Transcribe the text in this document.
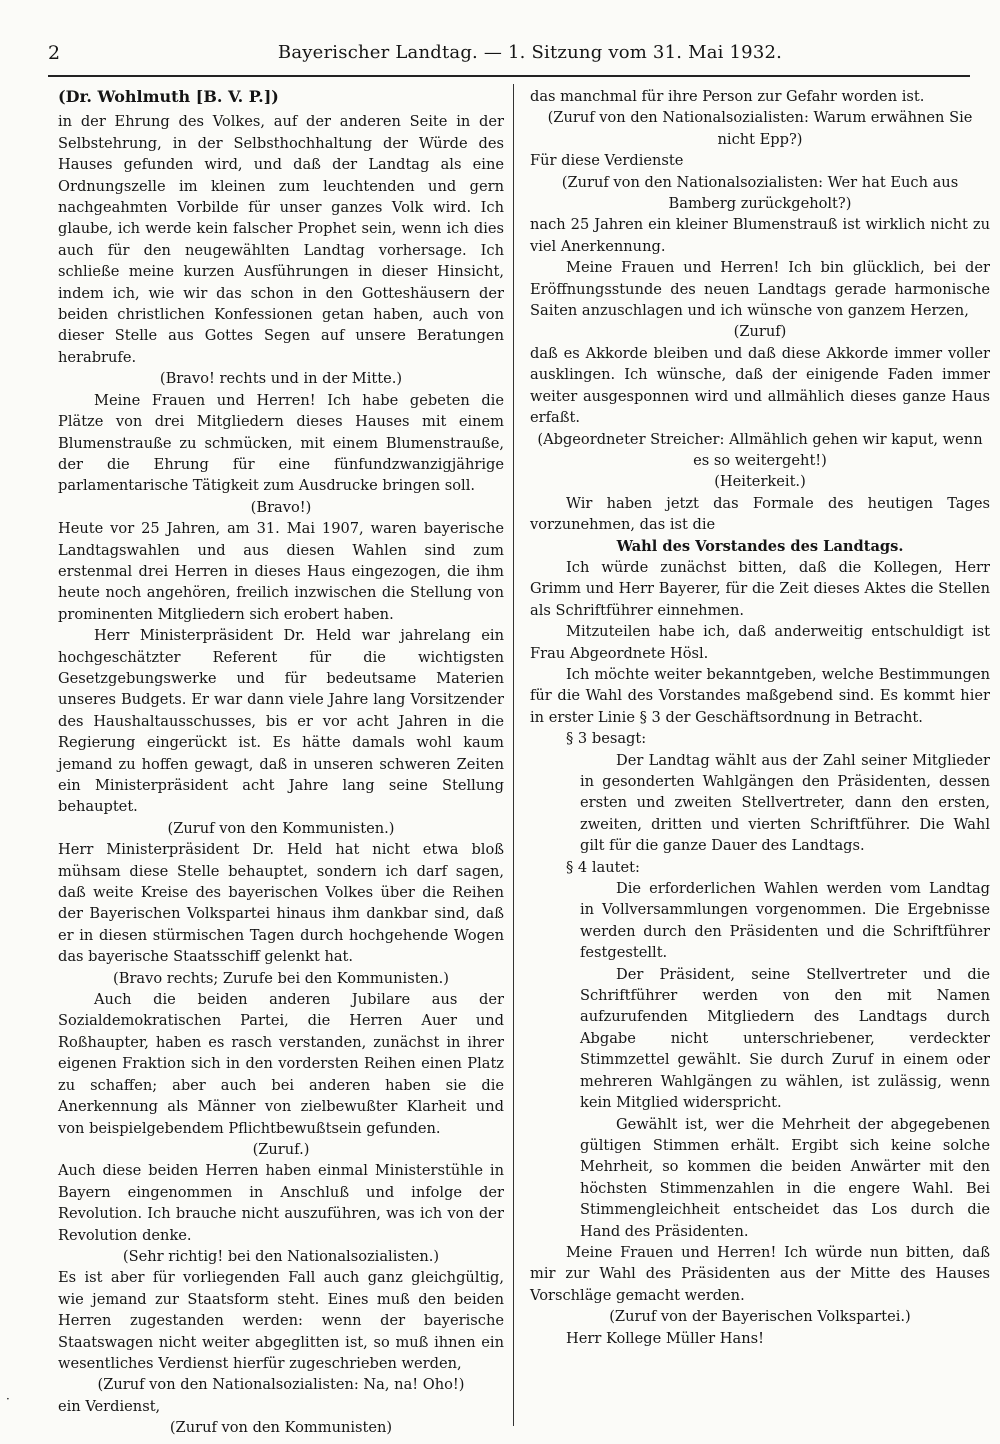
2	Bayerischer Landtag. — 1. Sitzung vom 31. Mai 1932.
·

(Dr. Wohlmuth [B. V. P.])

in der Ehrung des Volkes, auf der anderen Seite in der Selbstehrung, in der Selbsthochhaltung der Würde des Hauses gefunden wird, und daß der Landtag als eine Ordnungszelle im kleinen zum leuchtenden und gern nachgeahmten Vorbilde für unser ganzes Volk wird. Ich glaube, ich werde kein falscher Prophet sein, wenn ich dies auch für den neugewählten Landtag vorhersage. Ich schließe meine kurzen Ausführungen in dieser Hinsicht, indem ich, wie wir das schon in den Gotteshäusern der beiden christlichen Konfessionen getan haben, auch von dieser Stelle aus Gottes Segen auf unsere Beratungen herabrufe.

(Bravo! rechts und in der Mitte.)

Meine Frauen und Herren! Ich habe gebeten die Plätze von drei Mitgliedern dieses Hauses mit einem Blumenstrauße zu schmücken, mit einem Blumenstrauße, der die Ehrung für eine fünfundzwanzigjährige parlamentarische Tätigkeit zum Ausdrucke bringen soll.

(Bravo!)

Heute vor 25 Jahren, am 31. Mai 1907, waren bayerische Landtagswahlen und aus diesen Wahlen sind zum erstenmal drei Herren in dieses Haus eingezogen, die ihm heute noch angehören, freilich inzwischen die Stellung von prominenten Mitgliedern sich erobert haben.

Herr Ministerpräsident Dr. Held war jahrelang ein hochgeschätzter Referent für die wichtigsten Gesetzgebungswerke und für bedeutsame Materien unseres Budgets. Er war dann viele Jahre lang Vorsitzender des Haushaltausschusses, bis er vor acht Jahren in die Regierung eingerückt ist. Es hätte damals wohl kaum jemand zu hoffen gewagt, daß in unseren schweren Zeiten ein Ministerpräsident acht Jahre lang seine Stellung behauptet.

(Zuruf von den Kommunisten.)

Herr Ministerpräsident Dr. Held hat nicht etwa bloß mühsam diese Stelle behauptet, sondern ich darf sagen, daß weite Kreise des bayerischen Volkes über die Reihen der Bayerischen Volkspartei hinaus ihm dankbar sind, daß er in diesen stürmischen Tagen durch hochgehende Wogen das bayerische Staatsschiff gelenkt hat.

(Bravo rechts; Zurufe bei den Kommunisten.)

Auch die beiden anderen Jubilare aus der Sozialdemokratischen Partei, die Herren Auer und Roßhaupter, haben es rasch verstanden, zunächst in ihrer eigenen Fraktion sich in den vordersten Reihen einen Platz zu schaffen; aber auch bei anderen haben sie die Anerkennung als Männer von zielbewußter Klarheit und von beispielgebendem Pflichtbewußtsein gefunden.

(Zuruf.)

Auch diese beiden Herren haben einmal Ministerstühle in Bayern eingenommen in Anschluß und infolge der Revolution. Ich brauche nicht auszuführen, was ich von der Revolution denke.

(Sehr richtig! bei den Nationalsozialisten.)

Es ist aber für vorliegenden Fall auch ganz gleichgültig, wie jemand zur Staatsform steht. Eines muß den beiden Herren zugestanden werden: wenn der bayerische Staatswagen nicht weiter abgeglitten ist, so muß ihnen ein wesentliches Verdienst hierfür zugeschrieben werden,

(Zuruf von den Nationalsozialisten: Na, na! Oho!)

ein Verdienst,

(Zuruf von den Kommunisten)

das manchmal für ihre Person zur Gefahr worden ist.

(Zuruf von den Nationalsozialisten: Warum erwähnen Sie nicht Epp?)

Für diese Verdienste

(Zuruf von den Nationalsozialisten: Wer hat Euch aus Bamberg zurückgeholt?)

nach 25 Jahren ein kleiner Blumenstrauß ist wirklich nicht zu viel Anerkennung.

Meine Frauen und Herren! Ich bin glücklich, bei der Eröffnungsstunde des neuen Landtags gerade harmonische Saiten anzuschlagen und ich wünsche von ganzem Herzen,

(Zuruf)

daß es Akkorde bleiben und daß diese Akkorde immer voller ausklingen. Ich wünsche, daß der einigende Faden immer weiter ausgesponnen wird und allmählich dieses ganze Haus erfaßt.

(Abgeordneter Streicher: Allmählich gehen wir kaput, wenn es so weitergeht!)

(Heiterkeit.)

Wir haben jetzt das Formale des heutigen Tages vorzunehmen, das ist die

Wahl des Vorstandes des Landtags.

Ich würde zunächst bitten, daß die Kollegen, Herr Grimm und Herr Bayerer, für die Zeit dieses Aktes die Stellen als Schriftführer einnehmen.

Mitzuteilen habe ich, daß anderweitig entschuldigt ist Frau Abgeordnete Hösl.

Ich möchte weiter bekanntgeben, welche Bestimmungen für die Wahl des Vorstandes maßgebend sind. Es kommt hier in erster Linie § 3 der Geschäftsordnung in Betracht.

§ 3 besagt:

Der Landtag wählt aus der Zahl seiner Mitglieder in gesonderten Wahlgängen den Präsidenten, dessen ersten und zweiten Stellvertreter, dann den ersten, zweiten, dritten und vierten Schriftführer. Die Wahl gilt für die ganze Dauer des Landtags.

§ 4 lautet:

Die erforderlichen Wahlen werden vom Landtag in Vollversammlungen vorgenommen. Die Ergebnisse werden durch den Präsidenten und die Schriftführer festgestellt.

Der Präsident, seine Stellvertreter und die Schriftführer werden von den mit Namen aufzurufenden Mitgliedern des Landtags durch Abgabe nicht unterschriebener, verdeckter Stimmzettel gewählt. Sie durch Zuruf in einem oder mehreren Wahlgängen zu wählen, ist zulässig, wenn kein Mitglied widerspricht.

Gewählt ist, wer die Mehrheit der abgegebenen gültigen Stimmen erhält. Ergibt sich keine solche Mehrheit, so kommen die beiden Anwärter mit den höchsten Stimmenzahlen in die engere Wahl. Bei Stimmengleichheit entscheidet das Los durch die Hand des Präsidenten.

Meine Frauen und Herren! Ich würde nun bitten, daß mir zur Wahl des Präsidenten aus der Mitte des Hauses Vorschläge gemacht werden.

(Zuruf von der Bayerischen Volkspartei.)

Herr Kollege Müller Hans!
